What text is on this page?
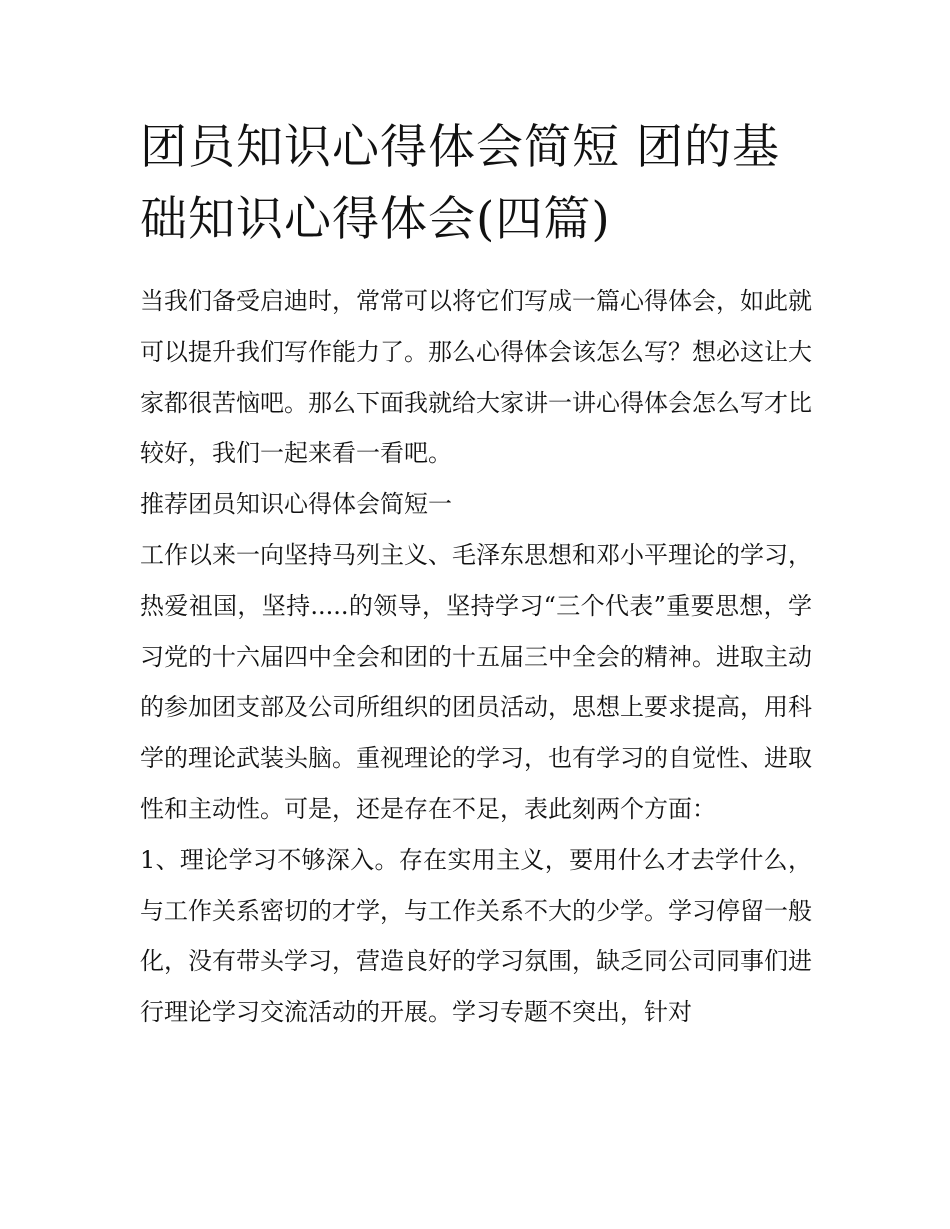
团员知识心得体会简短 团的基础知识心得体会(四篇)

当我们备受启迪时，常常可以将它们写成一篇心得体会，如此就可以提升我们写作能力了。那么心得体会该怎么写？想必这让大家都很苦恼吧。那么下面我就给大家讲一讲心得体会怎么写才比较好，我们一起来看一看吧。

推荐团员知识心得体会简短一

工作以来一向坚持马列主义、毛泽东思想和邓小平理论的学习，热爱祖国，坚持.....的领导，坚持学习“三个代表”重要思想，学习党的十六届四中全会和团的十五届三中全会的精神。进取主动的参加团支部及公司所组织的团员活动，思想上要求提高，用科学的理论武装头脑。重视理论的学习，也有学习的自觉性、进取性和主动性。可是，还是存在不足，表此刻两个方面：

1、理论学习不够深入。存在实用主义，要用什么才去学什么，与工作关系密切的才学，与工作关系不大的少学。学习停留一般化，没有带头学习，营造良好的学习氛围，缺乏同公司同事们进行理论学习交流活动的开展。学习专题不突出，针对
